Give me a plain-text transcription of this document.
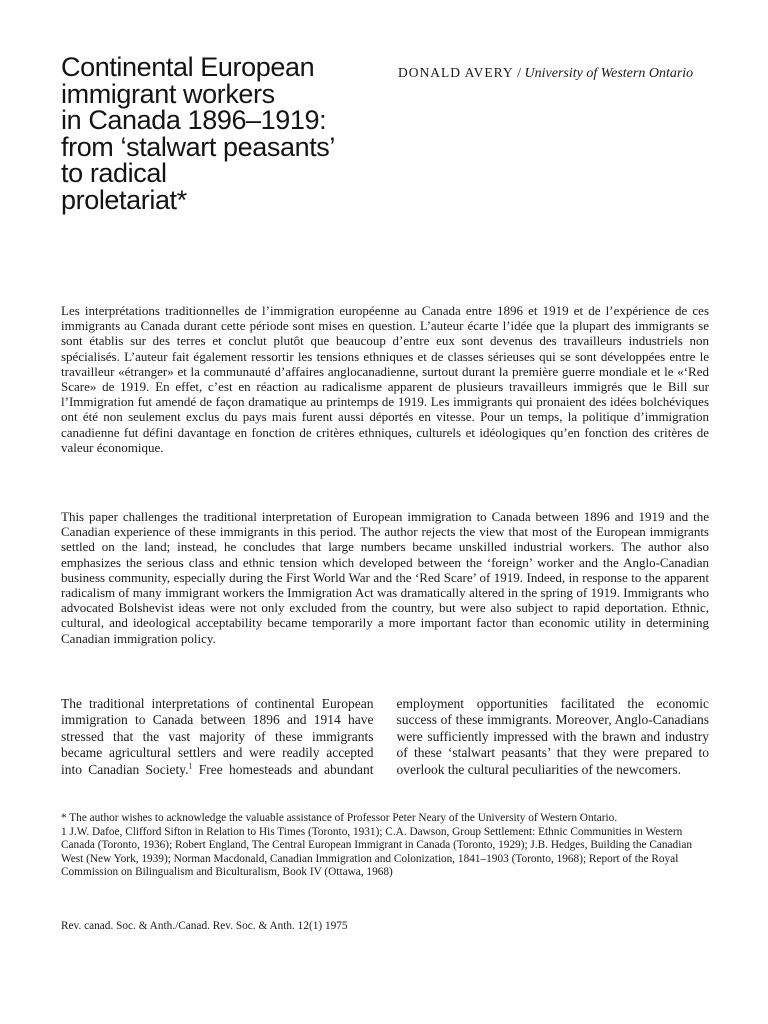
Continental European
immigrant workers
in Canada 1896–1919:
from ‘stalwart peasants’
to radical
proletariat*
DONALD AVERY / University of Western Ontario

Les interprétations traditionnelles de l’immigration européenne au Canada entre 1896 et 1919 et de l’expérience de ces immigrants au Canada durant cette période sont mises en question. L’auteur écarte l’idée que la plupart des immigrants se sont établis sur des terres et conclut plutôt que beaucoup d’entre eux sont devenus des travailleurs industriels non spécialisés. L’auteur fait également ressortir les tensions ethniques et de classes sérieuses qui se sont développées entre le travailleur «étranger» et la communauté d’affaires anglocanadienne, surtout durant la première guerre mondiale et le «‘Red Scare» de 1919. En effet, c’est en réaction au radicalisme apparent de plusieurs travailleurs immigrés que le Bill sur l’Immigration fut amendé de façon dramatique au printemps de 1919. Les immigrants qui pronaient des idées bolchéviques ont été non seulement exclus du pays mais furent aussi déportés en vitesse. Pour un temps, la politique d’immigration canadienne fut défini davantage en fonction de critères ethniques, culturels et idéologiques qu’en fonction des critères de valeur économique.

This paper challenges the traditional interpretation of European immigration to Canada between 1896 and 1919 and the Canadian experience of these immigrants in this period. The author rejects the view that most of the European immigrants settled on the land; instead, he concludes that large numbers became unskilled industrial workers. The author also emphasizes the serious class and ethnic tension which developed between the ‘foreign’ worker and the Anglo-Canadian business community, especially during the First World War and the ‘Red Scare’ of 1919. Indeed, in response to the apparent radicalism of many immigrant workers the Immigration Act was dramatically altered in the spring of 1919. Immigrants who advocated Bolshevist ideas were not only excluded from the country, but were also subject to rapid deportation. Ethnic, cultural, and ideological acceptability became temporarily a more important factor than economic utility in determining Canadian immigration policy.

The traditional interpretations of continental European immigration to Canada between 1896 and 1914 have stressed that the vast majority of these immigrants became agricultural settlers and were readily accepted into Canadian Society.$^1$ Free homesteads and abundant employment opportunities facilitated the economic success of these immigrants. Moreover, Anglo-Canadians were sufficiently impressed with the brawn and industry of these ‘stalwart peasants’ that they were prepared to overlook the cultural peculiarities of the newcomers.

* The author wishes to acknowledge the valuable assistance of Professor Peter Neary of the University of Western Ontario.

1 J.W. Dafoe, Clifford Sifton in Relation to His Times (Toronto, 1931); C.A. Dawson, Group Settlement: Ethnic Communities in Western Canada (Toronto, 1936); Robert England, The Central European Immigrant in Canada (Toronto, 1929); J.B. Hedges, Building the Canadian West (New York, 1939); Norman Macdonald, Canadian Immigration and Colonization, 1841–1903 (Toronto, 1968); Report of the Royal Commission on Bilingualism and Biculturalism, Book IV (Ottawa, 1968)

Rev. canad. Soc. & Anth./Canad. Rev. Soc. & Anth. 12(1) 1975
